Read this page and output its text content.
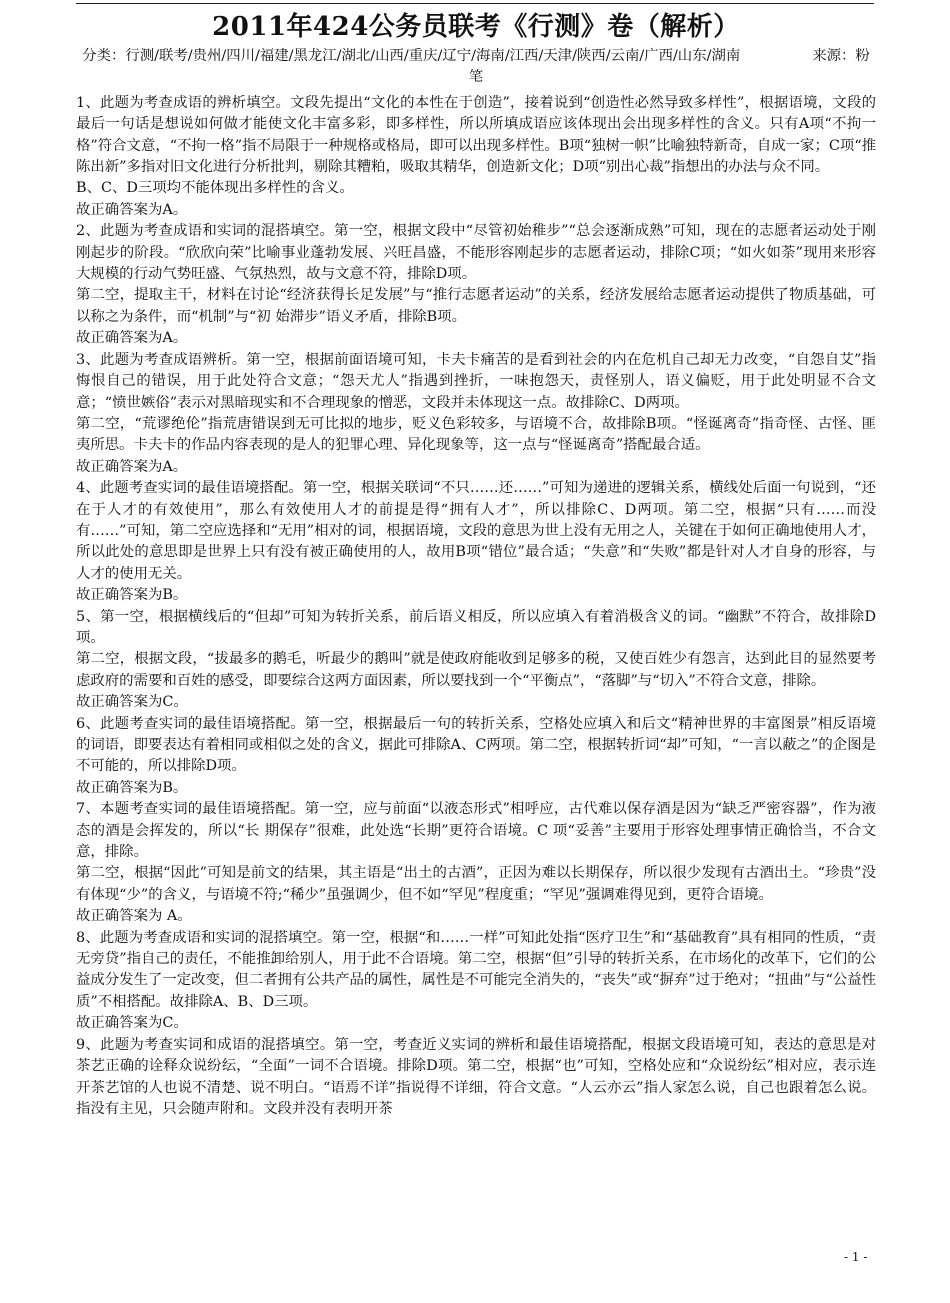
2011年424公务员联考《行测》卷（解析）

分类：行测/联考/贵州/四川/福建/黑龙江/湖北/山西/重庆/辽宁/海南/江西/天津/陕西/云南/广西/山东/湖南	来源：粉笔

1、此题为考查成语的辨析填空。文段先提出“文化的本性在于创造”，接着说到“创造性必然导致多样性”，根据语境，文段的最后一句话是想说如何做才能使文化丰富多彩，即多样性，所以所填成语应该体现出会出现多样性的含义。只有A项“不拘一格”符合文意，“不拘一格”指不局限于一种规格或格局，即可以出现多样性。B项“独树一帜”比喻独特新奇，自成一家；C项“推陈出新”多指对旧文化进行分析批判，剔除其糟粕，吸取其精华，创造新文化；D项“别出心裁”指想出的办法与众不同。

B、C、D三项均不能体现出多样性的含义。

故正确答案为A。

2、此题为考查成语和实词的混搭填空。第一空，根据文段中“尽管初始稚步”“总会逐渐成熟”可知，现在的志愿者运动处于刚刚起步的阶段。“欣欣向荣”比喻事业蓬勃发展、兴旺昌盛，不能形容刚起步的志愿者运动，排除C项；“如火如荼”现用来形容大规模的行动气势旺盛、气氛热烈，故与文意不符，排除D项。

第二空，提取主干，材料在讨论“经济获得长足发展”与“推行志愿者运动”的关系，经济发展给志愿者运动提供了物质基础，可以称之为条件，而“机制”与“初 始滞步”语义矛盾，排除B项。

故正确答案为A。

3、此题为考查成语辨析。第一空，根据前面语境可知，卡夫卡痛苦的是看到社会的内在危机自己却无力改变，“自怨自艾”指悔恨自己的错误，用于此处符合文意；“怨天尤人”指遇到挫折，一味抱怨天，责怪别人，语义偏贬，用于此处明显不合文意；“愤世嫉俗”表示对黑暗现实和不合理现象的憎恶，文段并未体现这一点。故排除C、D两项。

第二空，“荒谬绝伦”指荒唐错误到无可比拟的地步，贬义色彩较多，与语境不合，故排除B项。“怪诞离奇”指奇怪、古怪、匪夷所思。卡夫卡的作品内容表现的是人的犯罪心理、异化现象等，这一点与“怪诞离奇”搭配最合适。

故正确答案为A。

4、此题考查实词的最佳语境搭配。第一空，根据关联词“不只……还……”可知为递进的逻辑关系，横线处后面一句说到，“还在于人才的有效使用”，那么有效使用人才的前提是得“拥有人才”，所以排除C、D两项。第二空，根据“只有……而没有……”可知，第二空应选择和“无用”相对的词，根据语境，文段的意思为世上没有无用之人，关键在于如何正确地使用人才，所以此处的意思即是世界上只有没有被正确使用的人，故用B项“错位”最合适；“失意”和“失败”都是针对人才自身的形容，与人才的使用无关。

故正确答案为B。

5、第一空，根据横线后的“但却”可知为转折关系，前后语义相反，所以应填入有着消极含义的词。“幽默”不符合，故排除D项。

第二空，根据文段，“拔最多的鹅毛，听最少的鹅叫”就是使政府能收到足够多的税，又使百姓少有怨言，达到此目的显然要考虑政府的需要和百姓的感受，即要综合这两方面因素，所以要找到一个“平衡点”，“落脚”与“切入”不符合文意，排除。

故正确答案为C。

6、此题考查实词的最佳语境搭配。第一空，根据最后一句的转折关系，空格处应填入和后文“精神世界的丰富图景”相反语境的词语，即要表达有着相同或相似之处的含义，据此可排除A、C两项。第二空，根据转折词“却”可知，“一言以蔽之”的企图是不可能的，所以排除D项。

故正确答案为B。

7、本题考查实词的最佳语境搭配。第一空，应与前面“以液态形式”相呼应，古代难以保存酒是因为“缺乏严密容器”，作为液态的酒是会挥发的，所以“长 期保存”很难，此处选“长期”更符合语境。C 项“妥善”主要用于形容处理事情正确恰当，不合文意，排除。

第二空，根据“因此”可知是前文的结果，其主语是“出土的古酒”，正因为难以长期保存，所以很少发现有古酒出土。“珍贵”没有体现“少”的含义，与语境不符;“稀少”虽强调少，但不如“罕见”程度重；“罕见”强调难得见到，更符合语境。

故正确答案为 A。

8、此题为考查成语和实词的混搭填空。第一空，根据“和……一样”可知此处指“医疗卫生”和“基础教育”具有相同的性质，“责无旁贷”指自己的责任，不能推卸给别人，用于此不合语境。第二空，根据“但”引导的转折关系，在市场化的改革下，它们的公益成分发生了一定改变，但二者拥有公共产品的属性，属性是不可能完全消失的，“丧失”或“摒弃”过于绝对；“扭曲”与“公益性质”不相搭配。故排除A、B、D三项。

故正确答案为C。

9、此题为考查实词和成语的混搭填空。第一空，考查近义实词的辨析和最佳语境搭配，根据文段语境可知，表达的意思是对茶艺正确的诠释众说纷纭，“全面”一词不合语境。排除D项。第二空，根据“也”可知，空格处应和“众说纷纭”相对应，表示连开茶艺馆的人也说不清楚、说不明白。“语焉不详”指说得不详细，符合文意。“人云亦云”指人家怎么说，自己也跟着怎么说。指没有主见，只会随声附和。文段并没有表明开茶

- 1 -
